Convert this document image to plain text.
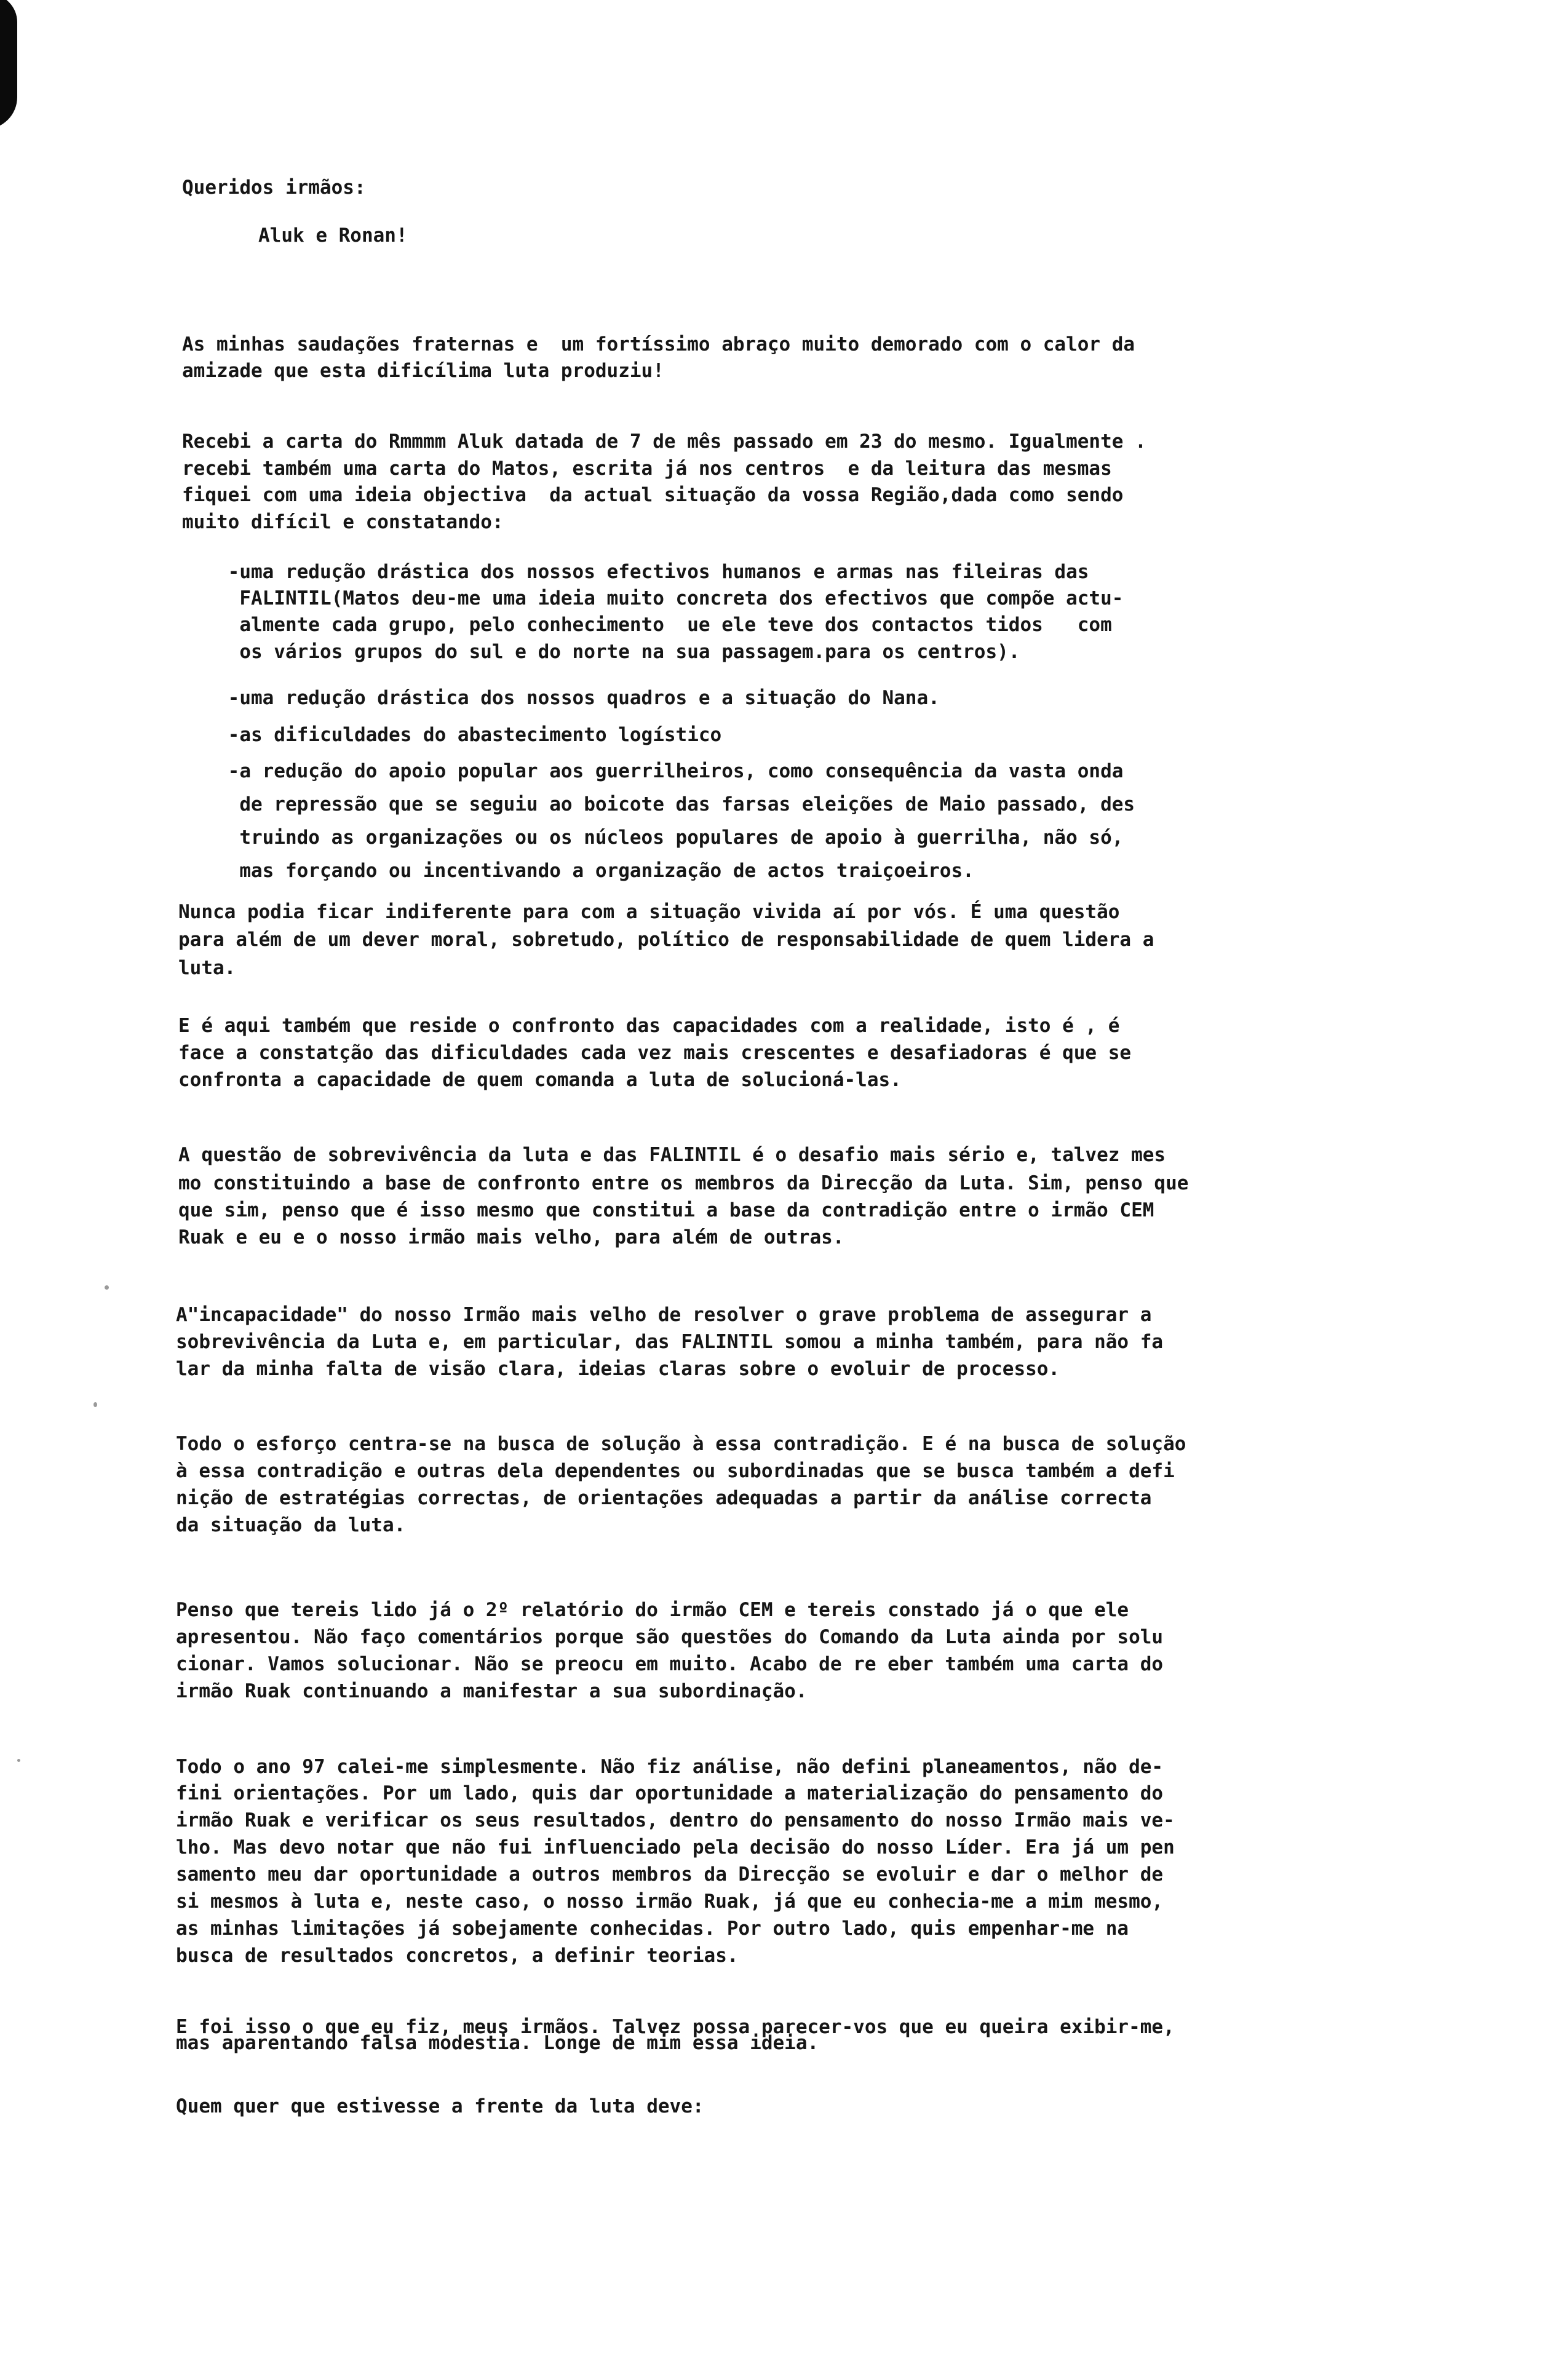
Queridos irmãos:
Aluk e Ronan!
As minhas saudações fraternas e  um fortíssimo abraço muito demorado com o calor da
amizade que esta dificílima luta produziu!
Recebi a carta do Rmmmm Aluk datada de 7 de mês passado em 23 do mesmo. Igualmente .
recebi também uma carta do Matos, escrita já nos centros  e da leitura das mesmas
fiquei com uma ideia objectiva  da actual situação da vossa Região,dada como sendo
muito difícil e constatando:
-uma redução drástica dos nossos efectivos humanos e armas nas fileiras das
FALINTIL(Matos deu-me uma ideia muito concreta dos efectivos que compõe actu-
almente cada grupo, pelo conhecimento  ue ele teve dos contactos tidos   com
os vários grupos do sul e do norte na sua passagem.para os centros).
-uma redução drástica dos nossos quadros e a situação do Nana.
-as dificuldades do abastecimento logístico
-a redução do apoio popular aos guerrilheiros, como consequência da vasta onda
de repressão que se seguiu ao boicote das farsas eleições de Maio passado, des
truindo as organizações ou os núcleos populares de apoio à guerrilha, não só,
mas forçando ou incentivando a organização de actos traiçoeiros.
Nunca podia ficar indiferente para com a situação vivida aí por vós. É uma questão
para além de um dever moral, sobretudo, político de responsabilidade de quem lidera a
luta.
E é aqui também que reside o confronto das capacidades com a realidade, isto é , é
face a constatção das dificuldades cada vez mais crescentes e desafiadoras é que se
confronta a capacidade de quem comanda a luta de solucioná-las.
A questão de sobrevivência da luta e das FALINTIL é o desafio mais sério e, talvez mes
mo constituindo a base de confronto entre os membros da Direcção da Luta. Sim, penso que
que sim, penso que é isso mesmo que constitui a base da contradição entre o irmão CEM
Ruak e eu e o nosso irmão mais velho, para além de outras.
A"incapacidade" do nosso Irmão mais velho de resolver o grave problema de assegurar a
sobrevivência da Luta e, em particular, das FALINTIL somou a minha também, para não fa
lar da minha falta de visão clara, ideias claras sobre o evoluir de processo.
Todo o esforço centra-se na busca de solução à essa contradição. E é na busca de solução
à essa contradição e outras dela dependentes ou subordinadas que se busca também a defi
nição de estratégias correctas, de orientações adequadas a partir da análise correcta
da situação da luta.
Penso que tereis lido já o 2º relatório do irmão CEM e tereis constado já o que ele
apresentou. Não faço comentários porque são questões do Comando da Luta ainda por solu
cionar. Vamos solucionar. Não se preocu em muito. Acabo de re eber também uma carta do
irmão Ruak continuando a manifestar a sua subordinação.
Todo o ano 97 calei-me simplesmente. Não fiz análise, não defini planeamentos, não de-
fini orientações. Por um lado, quis dar oportunidade a materialização do pensamento do
irmão Ruak e verificar os seus resultados, dentro do pensamento do nosso Irmão mais ve-
lho. Mas devo notar que não fui influenciado pela decisão do nosso Líder. Era já um pen
samento meu dar oportunidade a outros membros da Direcção se evoluir e dar o melhor de
si mesmos à luta e, neste caso, o nosso irmão Ruak, já que eu conhecia-me a mim mesmo,
as minhas limitações já sobejamente conhecidas. Por outro lado, quis empenhar-me na
busca de resultados concretos, a definir teorias.
E foi isso o que eu fiz, meus irmãos. Talvez possa parecer-vos que eu queira exibir-me,
mas aparentando falsa modestia. Longe de mim essa ideia.
Quem quer que estivesse a frente da luta deve:
